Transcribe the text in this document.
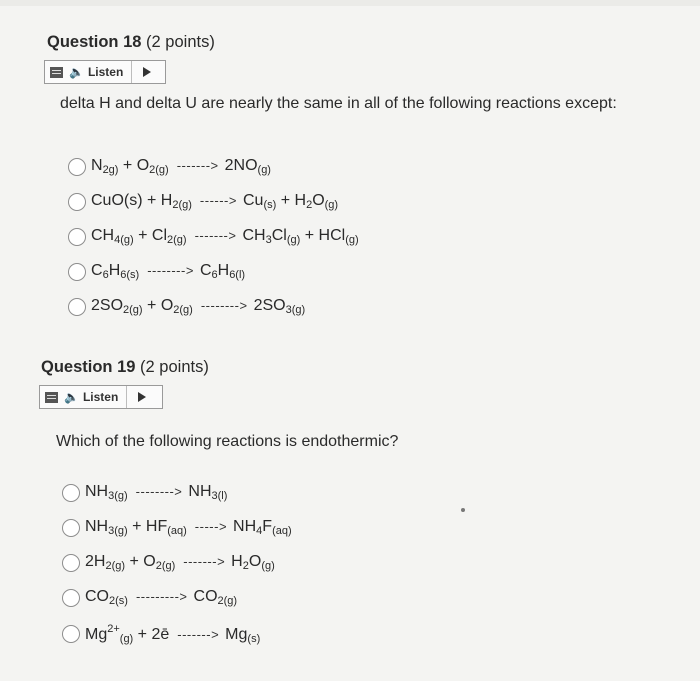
Question 18 (2 points)
🔈 Listen
delta H and delta U are nearly the same in all of the following reactions except:
$N_{2g)} + O_{2(g)}$ -------> $2NO_{(g)}$
$CuO(s) + H_{2(g)}$ ------> $Cu_{(s)} + H_2O_{(g)}$
$CH_{4(g)} + Cl_{2(g)}$ -------> $CH_3Cl_{(g)} + HCl_{(g)}$
$C_6H_{6(s)}$ --------> $C_6H_{6(l)}$
$2SO_{2(g)} + O_{2(g)}$ --------> $2SO_{3(g)}$
Question 19 (2 points)
🔈 Listen
Which of the following reactions is endothermic?
$NH_{3(g)}$ --------> $NH_{3(l)}$
$NH_{3(g)} + HF_{(aq)}$ -----> $NH_4F_{(aq)}$
$2H_{2(g)} + O_{2(g)}$ -------> $H_2O_{(g)}$
$CO_{2(s)}$ ---------> $CO_{2(g)}$
$Mg^{2+}_{(g)}$ + 2ē -------> $Mg_{(s)}$
